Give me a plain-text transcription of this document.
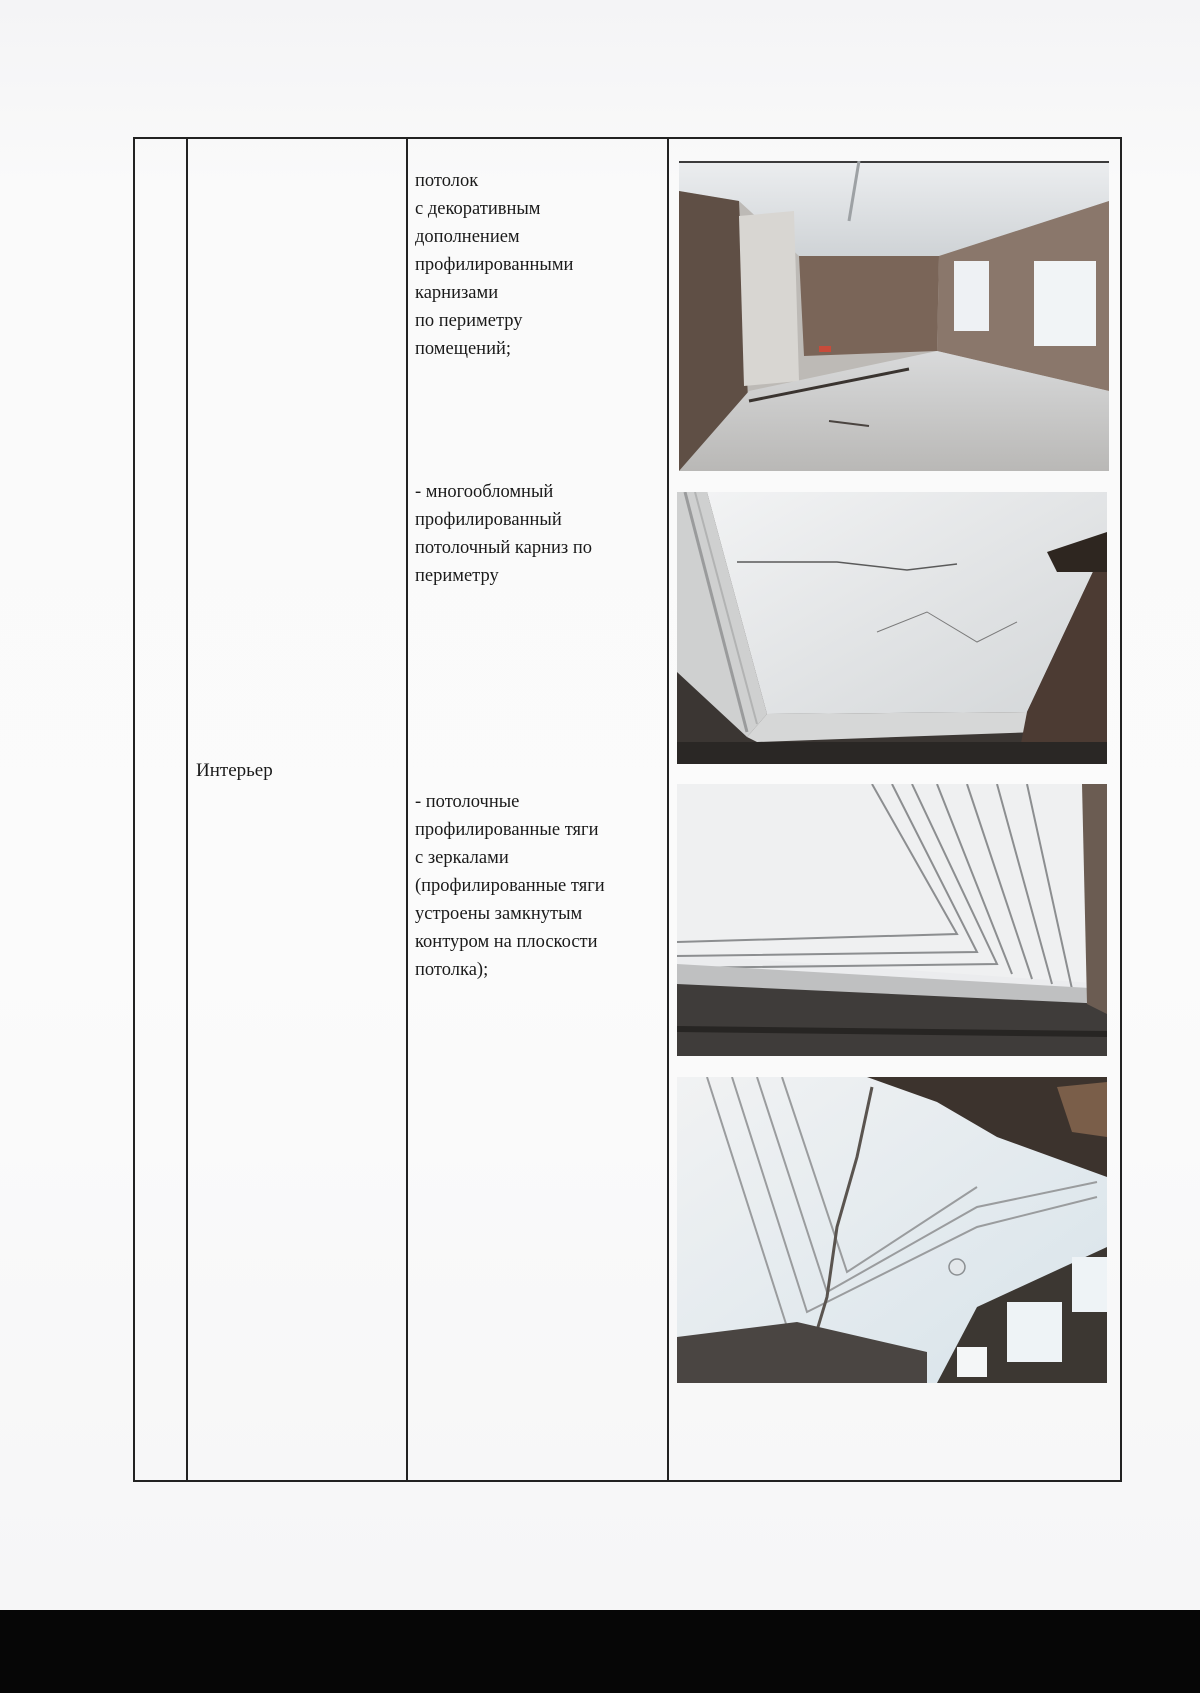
Интерьер
потолок
с декоративным
дополнением
профилированными
карнизами
по периметру
помещений;
- многообломный
профилированный
потолочный карниз по
периметру
- потолочные
профилированные тяги
с зеркалами
(профилированные тяги
устроены замкнутым
контуром на плоскости
потолка);
